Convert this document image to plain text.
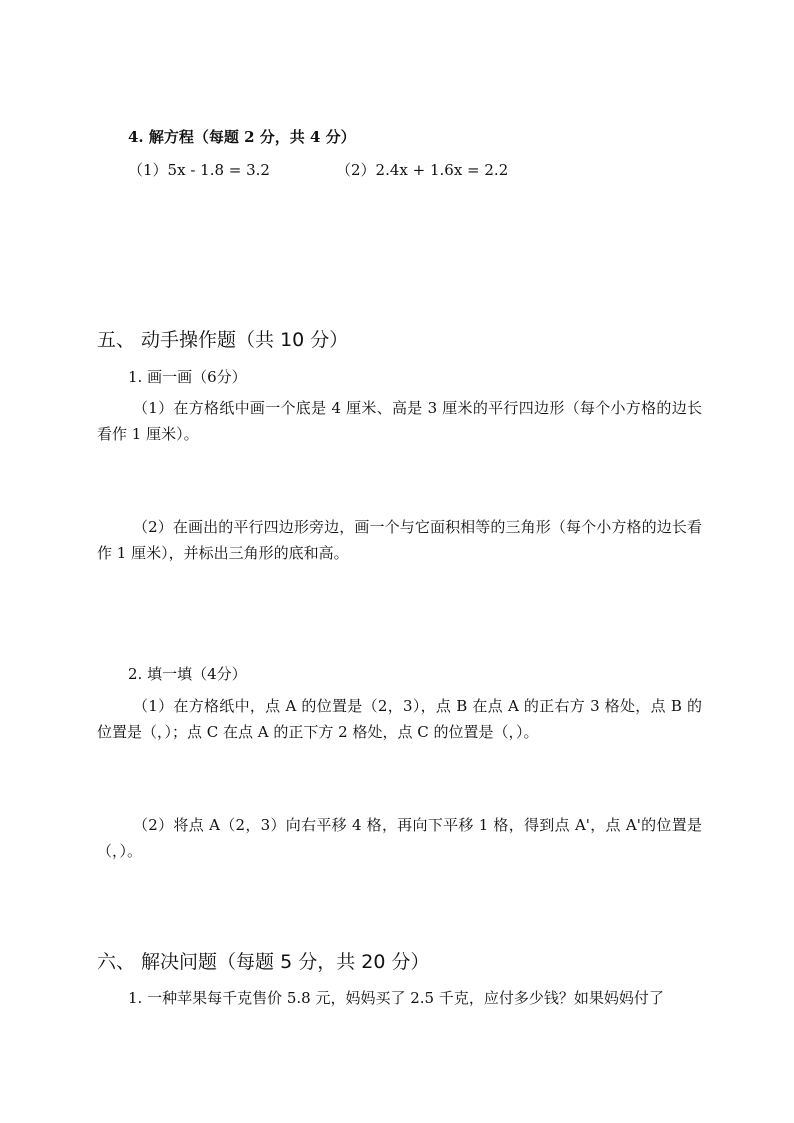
4. 解方程（每题 2 分，共 4 分）
（1）5x - 1.8 = 3.2	（2）2.4x + 1.6x = 2.2
五、 动手操作题（共 10 分）
1. 画一画（6分）
（1）在方格纸中画一个底是 4 厘米、高是 3 厘米的平行四边形（每个小方格的边长看作 1 厘米）。
（2）在画出的平行四边形旁边，画一个与它面积相等的三角形（每个小方格的边长看作 1 厘米），并标出三角形的底和高。
2. 填一填（4分）
（1）在方格纸中，点 A 的位置是（2，3），点 B 在点 A 的正右方 3 格处，点 B 的位置是（，）；点 C 在点 A 的正下方 2 格处，点 C 的位置是（，）。
（2）将点 A（2，3）向右平移 4 格，再向下平移 1 格，得到点 A'，点 A'的位置是（，）。
六、 解决问题（每题 5 分，共 20 分）
1. 一种苹果每千克售价 5.8 元，妈妈买了 2.5 千克，应付多少钱？如果妈妈付了
